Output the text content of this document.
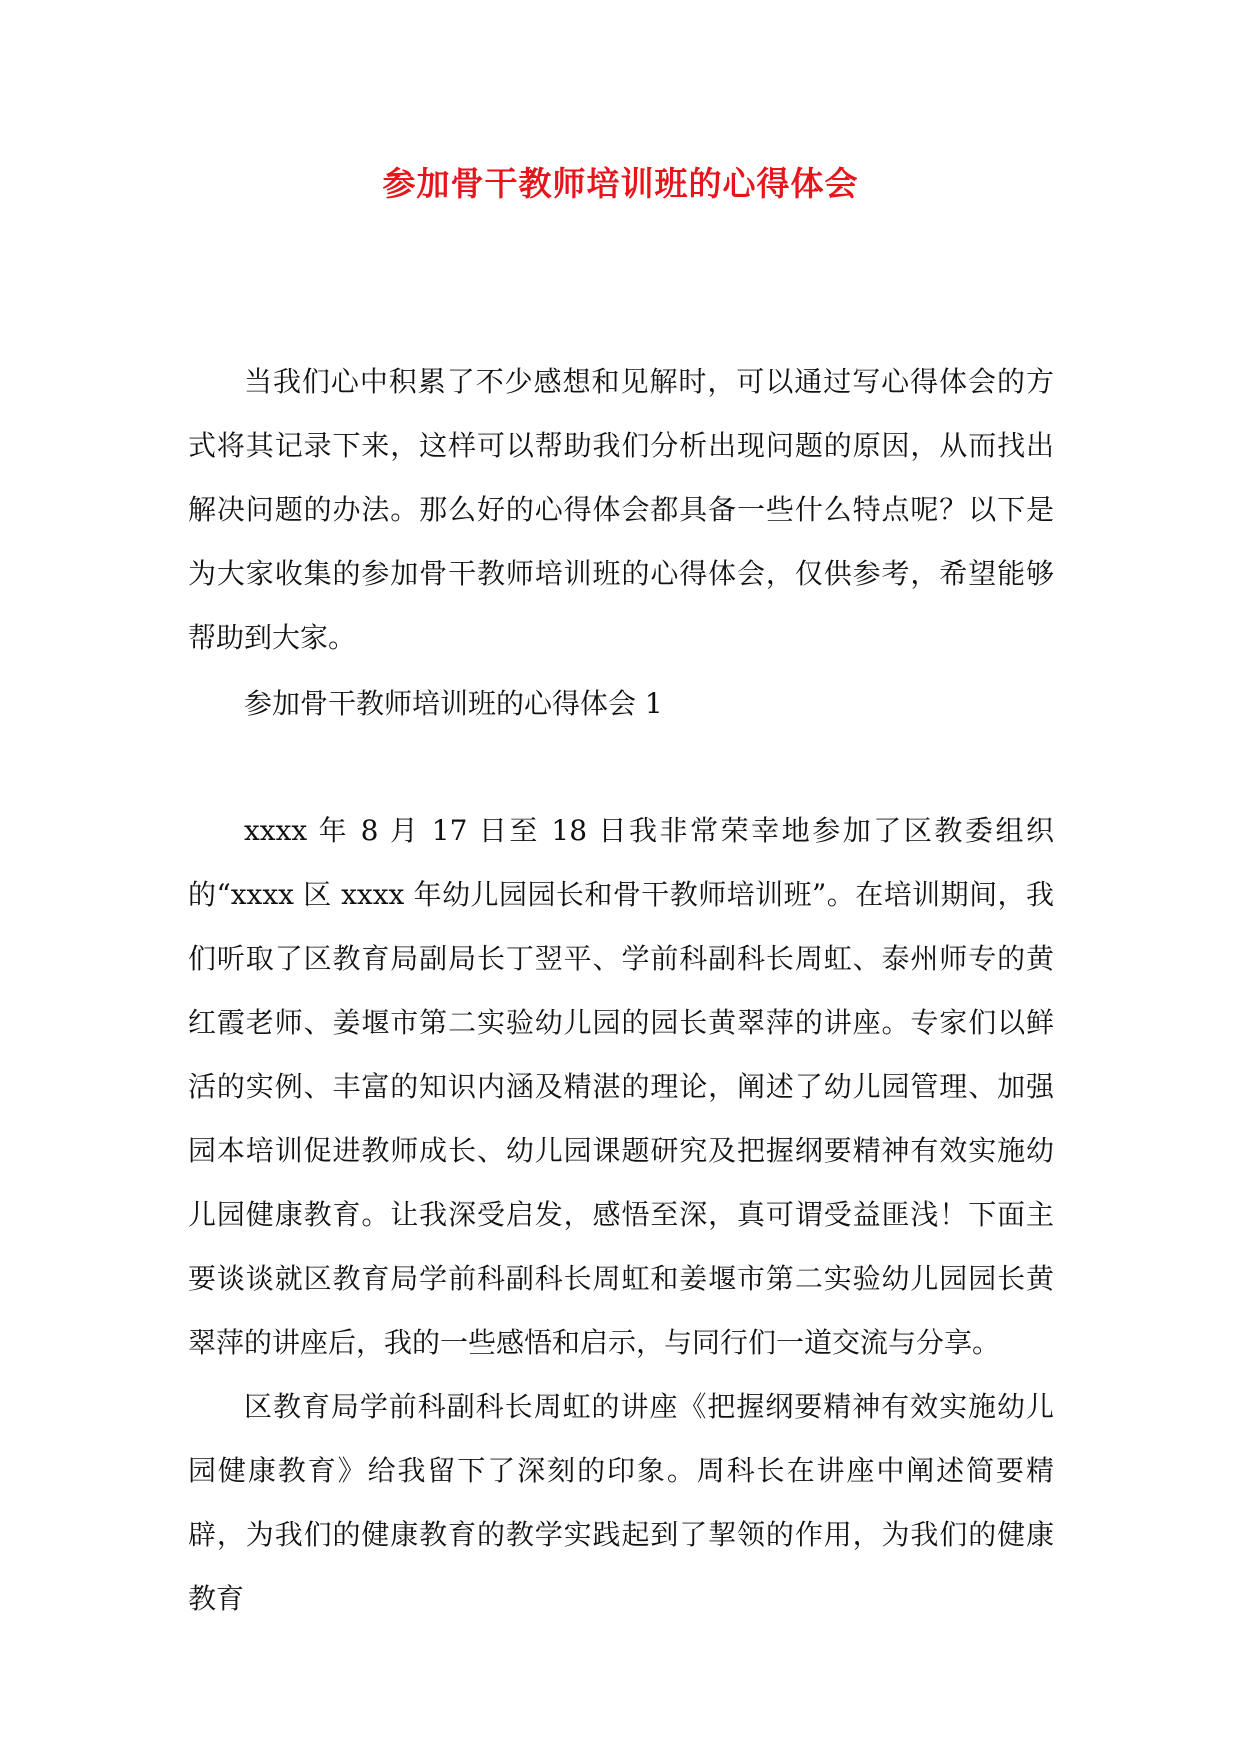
参加骨干教师培训班的心得体会

当我们心中积累了不少感想和见解时，可以通过写心得体会的方式将其记录下来，这样可以帮助我们分析出现问题的原因，从而找出解决问题的办法。那么好的心得体会都具备一些什么特点呢？以下是为大家收集的参加骨干教师培训班的心得体会，仅供参考，希望能够帮助到大家。

参加骨干教师培训班的心得体会 1

xxxx 年 8 月 17 日至 18 日我非常荣幸地参加了区教委组织的“xxxx 区 xxxx 年幼儿园园长和骨干教师培训班”。在培训期间，我们听取了区教育局副局长丁翌平、学前科副科长周虹、泰州师专的黄红霞老师、姜堰市第二实验幼儿园的园长黄翠萍的讲座。专家们以鲜活的实例、丰富的知识内涵及精湛的理论，阐述了幼儿园管理、加强园本培训促进教师成长、幼儿园课题研究及把握纲要精神有效实施幼儿园健康教育。让我深受启发，感悟至深，真可谓受益匪浅！下面主要谈谈就区教育局学前科副科长周虹和姜堰市第二实验幼儿园园长黄翠萍的讲座后，我的一些感悟和启示，与同行们一道交流与分享。

区教育局学前科副科长周虹的讲座《把握纲要精神有效实施幼儿园健康教育》给我留下了深刻的印象。周科长在讲座中阐述简要精辟，为我们的健康教育的教学实践起到了挈领的作用，为我们的健康教育
